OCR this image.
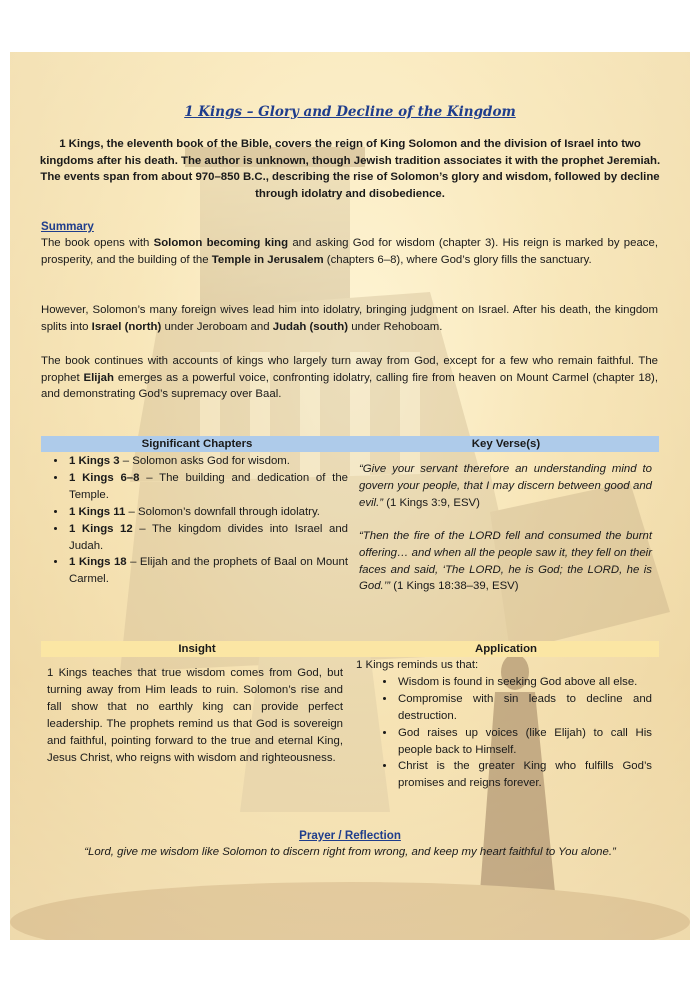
1 Kings – Glory and Decline of the Kingdom
1 Kings, the eleventh book of the Bible, covers the reign of King Solomon and the division of Israel into two kingdoms after his death. The author is unknown, though Jewish tradition associates it with the prophet Jeremiah. The events span from about 970–850 B.C., describing the rise of Solomon’s glory and wisdom, followed by decline through idolatry and disobedience.
Summary
The book opens with Solomon becoming king and asking God for wisdom (chapter 3). His reign is marked by peace, prosperity, and the building of the Temple in Jerusalem (chapters 6–8), where God’s glory fills the sanctuary.
However, Solomon’s many foreign wives lead him into idolatry, bringing judgment on Israel. After his death, the kingdom splits into Israel (north) under Jeroboam and Judah (south) under Rehoboam.
The book continues with accounts of kings who largely turn away from God, except for a few who remain faithful. The prophet Elijah emerges as a powerful voice, confronting idolatry, calling fire from heaven on Mount Carmel (chapter 18), and demonstrating God’s supremacy over Baal.
Significant Chapters	Key Verse(s)
• 1 Kings 3 – Solomon asks God for wisdom.
• 1 Kings 6–8 – The building and dedication of the Temple.
• 1 Kings 11 – Solomon’s downfall through idolatry.
• 1 Kings 12 – The kingdom divides into Israel and Judah.
• 1 Kings 18 – Elijah and the prophets of Baal on Mount Carmel.
“Give your servant therefore an understanding mind to govern your people, that I may discern between good and evil.” (1 Kings 3:9, ESV)
“Then the fire of the LORD fell and consumed the burnt offering… and when all the people saw it, they fell on their faces and said, ‘The LORD, he is God; the LORD, he is God.’” (1 Kings 18:38–39, ESV)
Insight	Application
1 Kings teaches that true wisdom comes from God, but turning away from Him leads to ruin. Solomon’s rise and fall show that no earthly king can provide perfect leadership. The prophets remind us that God is sovereign and faithful, pointing forward to the true and eternal King, Jesus Christ, who reigns with wisdom and righteousness.
1 Kings reminds us that:
• Wisdom is found in seeking God above all else.
• Compromise with sin leads to decline and destruction.
• God raises up voices (like Elijah) to call His people back to Himself.
• Christ is the greater King who fulfills God’s promises and reigns forever.
Prayer / Reflection
“Lord, give me wisdom like Solomon to discern right from wrong, and keep my heart faithful to You alone.”
